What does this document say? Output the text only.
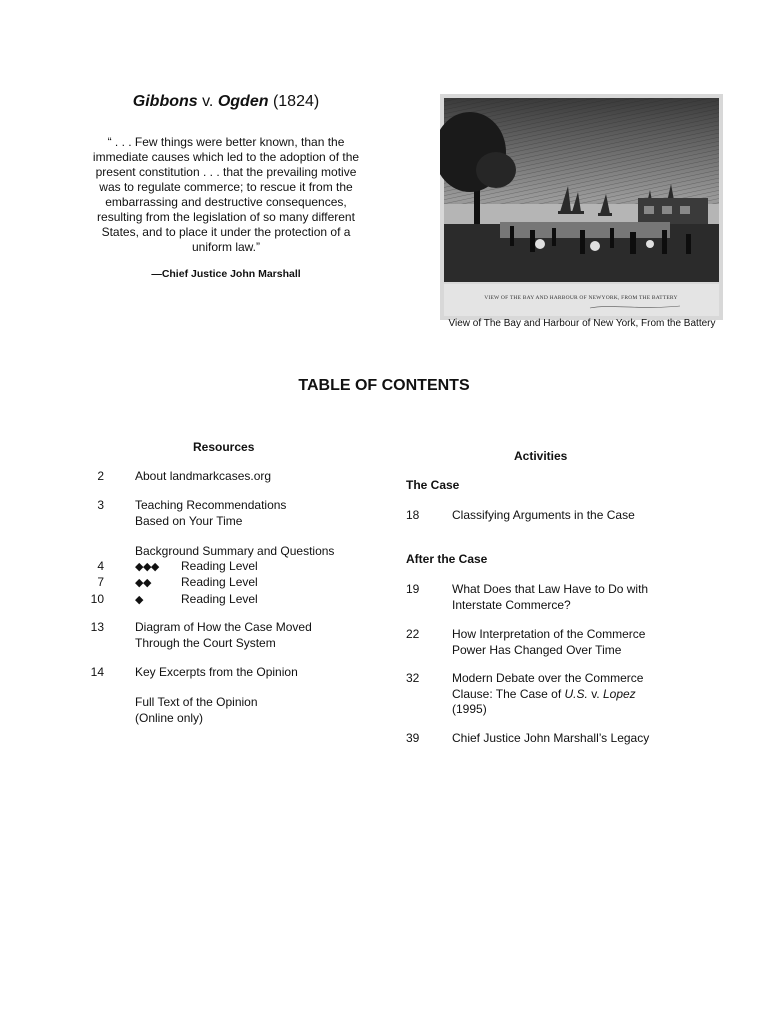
Gibbons v. Ogden (1824)
“ . . . Few things were better known, than the immediate causes which led to the adoption of the present constitution . . . that the prevailing motive was to regulate commerce; to rescue it from the embarrassing and destructive consequences, resulting from the legislation of so many different States, and to place it under the protection of a uniform law.”
—Chief Justice John Marshall
VIEW OF THE BAY AND HARBOUR OF NEWYORK, FROM THE BATTERY
View of The Bay and Harbour of New York, From the Battery
TABLE OF CONTENTS
Resources
2	About landmarkcases.org
3	Teaching Recommendations
Based on Your Time
Background Summary and Questions
4	◆◆◆ Reading Level
7	◆◆	Reading Level
10	◆	Reading Level
13	Diagram of How the Case Moved
Through the Court System
14	Key Excerpts from the Opinion
Full Text of the Opinion
(Online only)
Activities
The Case
18	Classifying Arguments in the Case
After the Case
19	What Does that Law Have to Do with
Interstate Commerce?
22	How Interpretation of the Commerce
Power Has Changed Over Time
32	Modern Debate over the Commerce
Clause: The Case of U.S. v. Lopez
(1995)
39	Chief Justice John Marshall’s Legacy
